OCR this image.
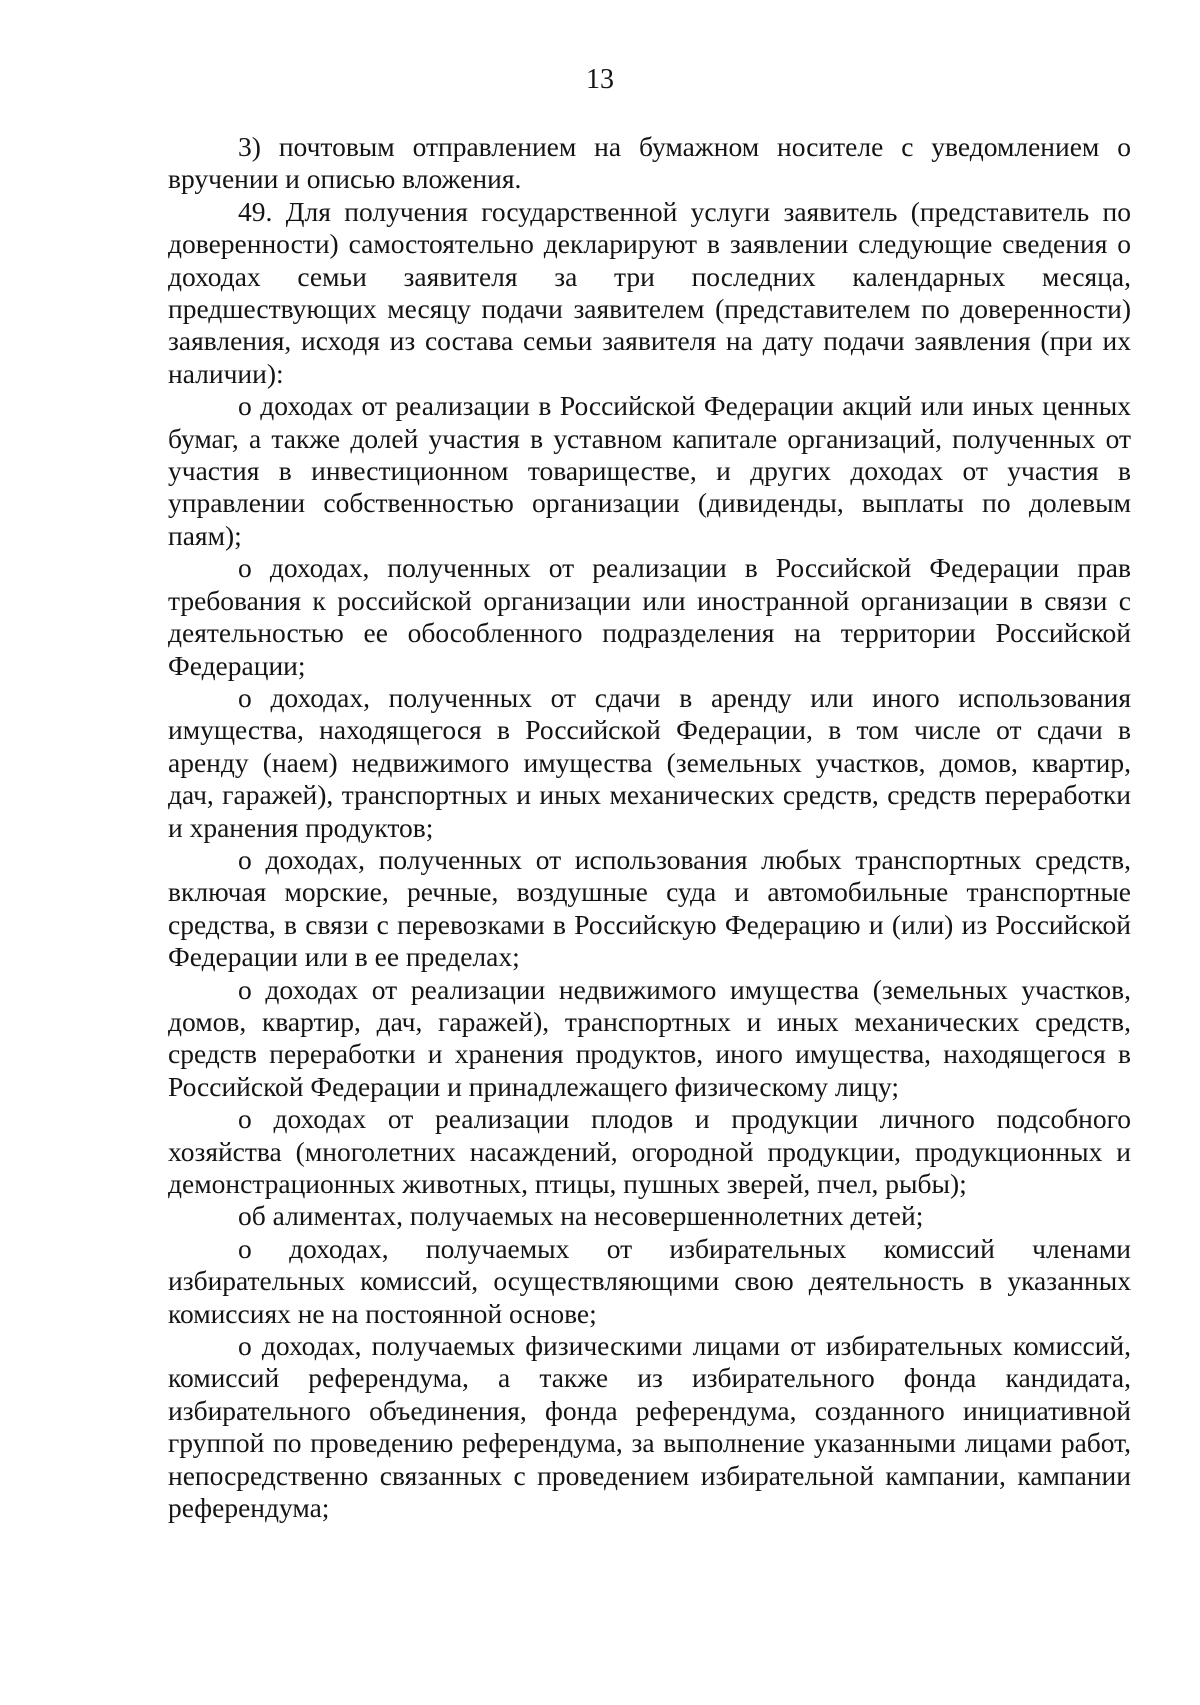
13

3) почтовым отправлением на бумажном носителе с уведомлением о вручении и описью вложения.

49. Для получения государственной услуги заявитель (представитель по доверенности) самостоятельно декларируют в заявлении следующие сведения о доходах семьи заявителя за три последних календарных месяца, предшествующих месяцу подачи заявителем (представителем по доверенности) заявления, исходя из состава семьи заявителя на дату подачи заявления (при их наличии):

о доходах от реализации в Российской Федерации акций или иных ценных бумаг, а также долей участия в уставном капитале организаций, полученных от участия в инвестиционном товариществе, и других доходах от участия в управлении собственностью организации (дивиденды, выплаты по долевым паям);

о доходах, полученных от реализации в Российской Федерации прав требования к российской организации или иностранной организации в связи с деятельностью ее обособленного подразделения на территории Российской Федерации;

о доходах, полученных от сдачи в аренду или иного использования имущества, находящегося в Российской Федерации, в том числе от сдачи в аренду (наем) недвижимого имущества (земельных участков, домов, квартир, дач, гаражей), транспортных и иных механических средств, средств переработки и хранения продуктов;

о доходах, полученных от использования любых транспортных средств, включая морские, речные, воздушные суда и автомобильные транспортные средства, в связи с перевозками в Российскую Федерацию и (или) из Российской Федерации или в ее пределах;

о доходах от реализации недвижимого имущества (земельных участков, домов, квартир, дач, гаражей), транспортных и иных механических средств, средств переработки и хранения продуктов, иного имущества, находящегося в Российской Федерации и принадлежащего физическому лицу;

о доходах от реализации плодов и продукции личного подсобного хозяйства (многолетних насаждений, огородной продукции, продукционных и демонстрационных животных, птицы, пушных зверей, пчел, рыбы);

об алиментах, получаемых на несовершеннолетних детей;

о доходах, получаемых от избирательных комиссий членами избирательных комиссий, осуществляющими свою деятельность в указанных комиссиях не на постоянной основе;

о доходах, получаемых физическими лицами от избирательных комиссий, комиссий референдума, а также из избирательного фонда кандидата, избирательного объединения, фонда референдума, созданного инициативной группой по проведению референдума, за выполнение указанными лицами работ, непосредственно связанных с проведением избирательной кампании, кампании референдума;
